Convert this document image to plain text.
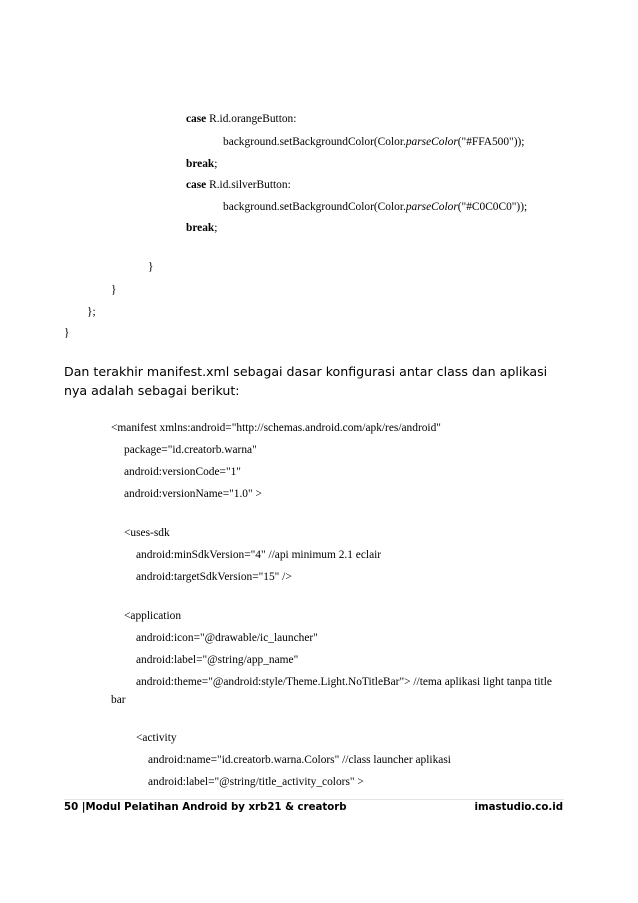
case R.id.orangeButton:
background.setBackgroundColor(Color.parseColor("#FFA500"));
break;
case R.id.silverButton:
background.setBackgroundColor(Color.parseColor("#C0C0C0"));
break;
}
}
};
}
Dan terakhir manifest.xml sebagai dasar konfigurasi antar class dan aplikasi nya adalah sebagai berikut:
<manifest xmlns:android="http://schemas.android.com/apk/res/android"
package="id.creatorb.warna"
android:versionCode="1"
android:versionName="1.0" >
<uses-sdk
android:minSdkVersion="4" //api minimum 2.1 eclair
android:targetSdkVersion="15" />
<application
android:icon="@drawable/ic_launcher"
android:label="@string/app_name"
android:theme="@android:style/Theme.Light.NoTitleBar"> //tema aplikasi light tanpa title
bar
<activity
android:name="id.creatorb.warna.Colors" //class launcher aplikasi
android:label="@string/title_activity_colors" >
50 |Modul Pelatihan Android by xrb21 & creatorb	imastudio.co.id
